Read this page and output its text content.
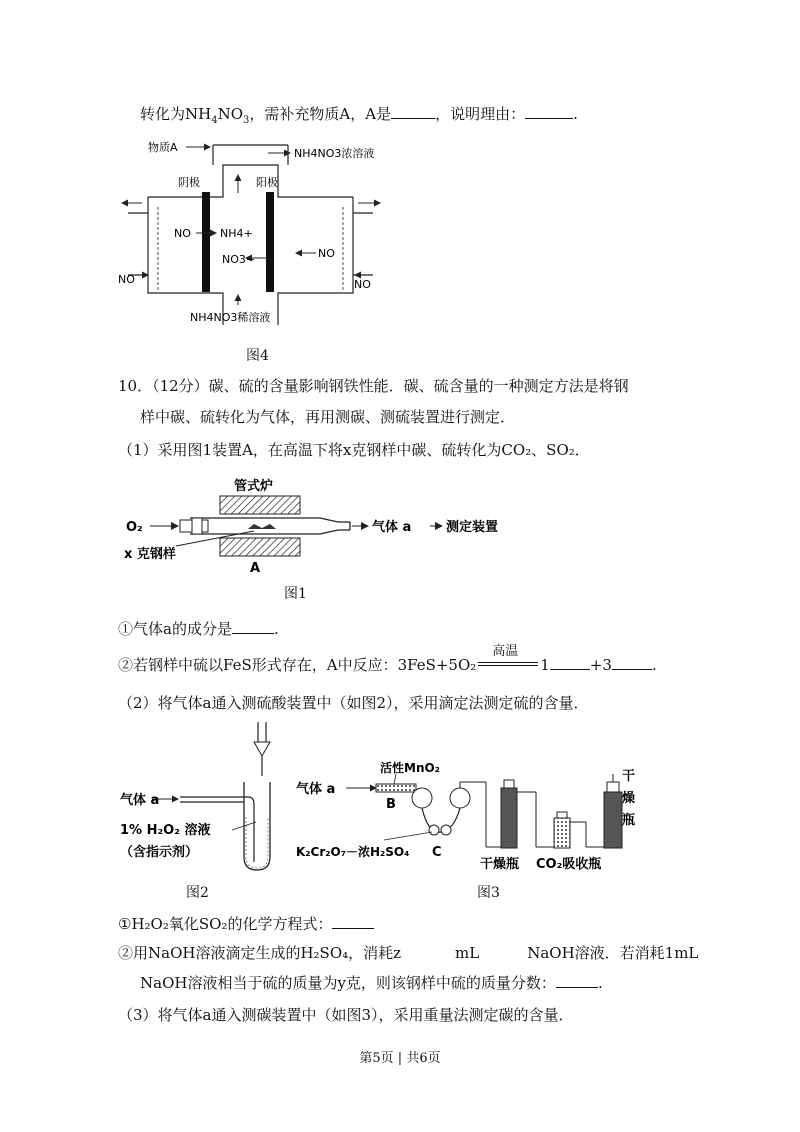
转化为$NH_4NO_3$，需补充物质A，A是	，说明理由：	.
物质A	NH4NO3浓溶液
阴极	阳极
NO	NH4+
NO3−	NO
NO	NO
NH4NO3稀溶液
图4
10．（12分）碳、硫的含量影响钢铁性能．碳、硫含量的一种测定方法是将钢
样中碳、硫转化为气体，再用测碳、测硫装置进行测定．
（1）采用图1装置A，在高温下将x克钢样中碳、硫转化为CO₂、SO₂．
管式炉
O₂	气体 a	测定装置
x 克钢样
A
图1
①气体a的成分是	.
②若钢样中硫以FeS形式存在，A中反应：3FeS+5O₂
高温
1	+3	.
（2）将气体a通入测硫酸装置中（如图2），采用滴定法测定硫的含量．
气体 a
1% H₂O₂ 溶液
（含指示剂）
图2
气体 a
活性MnO₂
B
C
K₂Cr₂O₇－浓H₂SO₄
干燥瓶 CO₂吸收瓶
干
燥
瓶
图3
①H₂O₂氧化SO₂的化学方程式：
②用NaOH溶液滴定生成的H₂SO₄，消耗z	mL	NaOH溶液．若消耗1mL
NaOH溶液相当于硫的质量为y克，则该钢样中硫的质量分数：	.
（3）将气体a通入测碳装置中（如图3），采用重量法测定碳的含量．
第5页 | 共6页
